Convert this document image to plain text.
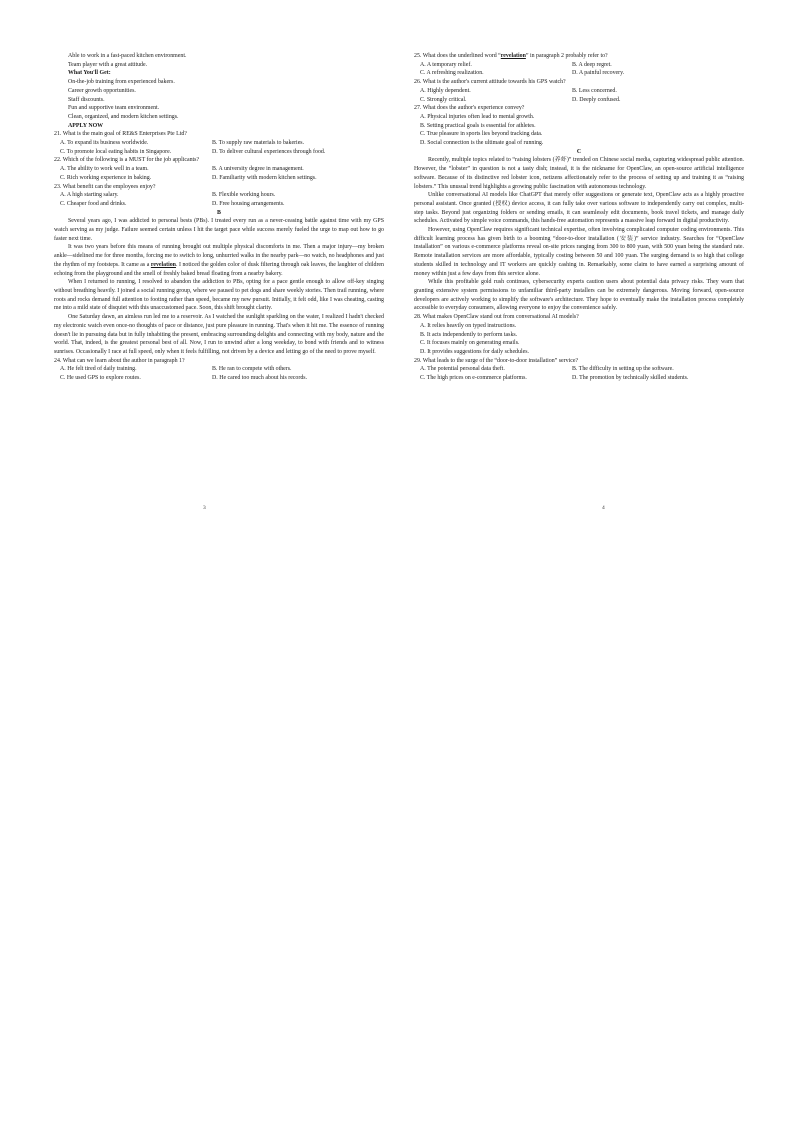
Able to work in a fast-paced kitchen environment.
Team player with a great attitude.
What You'll Get:
On-the-job training from experienced bakers.
Career growth opportunities.
Staff discounts.
Fun and supportive team environment.
Clean, organized, and modern kitchen settings.
APPLY NOW
21. What is the main goal of RE&S Enterprises Pte Ltd?
A. To expand its business worldwide.	B. To supply raw materials to bakeries.
C. To promote local eating habits in Singapore.	D. To deliver cultural experiences through food.
22. Which of the following is a MUST for the job applicants?
A. The ability to work well in a team.	B. A university degree in management.
C. Rich working experience in baking.	D. Familiarity with modern kitchen settings.
23. What benefit can the employees enjoy?
A. A high starting salary.	B. Flexible working hours.
C. Cheaper food and drinks.	D. Free housing arrangements.
B

Several years ago, I was addicted to personal bests (PBs). I treated every run as a never-ceasing battle against time with my GPS watch serving as my judge. Failure seemed certain unless I hit the target pace while success merely fueled the urge to map out how to go faster next time.

It was two years before this means of running brought out multiple physical discomforts in me. Then a major injury—my broken ankle—sidelined me for three months, forcing me to switch to long, unhurried walks in the nearby park—no watch, no headphones and just the rhythm of my footsteps. It came as a revelation. I noticed the golden color of dusk filtering through oak leaves, the laughter of children echoing from the playground and the smell of freshly baked bread floating from a nearby bakery.

When I returned to running, I resolved to abandon the addiction to PBs, opting for a pace gentle enough to allow off-key singing without breathing heavily. I joined a social running group, where we paused to pet dogs and share weekly stories. Then trail running, where roots and rocks demand full attention to footing rather than speed, became my new pursuit. Initially, it felt odd, like I was cheating, casting me into a mild state of disquiet with this unaccustomed pace. Soon, this shift brought clarity.

One Saturday dawn, an aimless run led me to a reservoir. As I watched the sunlight sparkling on the water, I realized I hadn't checked my electronic watch even once-no thoughts of pace or distance, just pure pleasure in running. That's when it hit me. The essence of running doesn't lie in pursuing data but in fully inhabiting the present, embracing surrounding delights and connecting with my body, nature and the world. That, indeed, is the greatest personal best of all. Now, I run to unwind after a long weekday, to bond with friends and to witness sunrises. Occasionally I race at full speed, only when it feels fulfilling, not driven by a device and letting go of the need to prove myself.

24. What can we learn about the author in paragraph 1?
A. He felt tired of daily training.	B. He ran to compete with others.
C. He used GPS to explore routes.	D. He cared too much about his records.
3
25. What does the underlined word “revelation” in paragraph 2 probably refer to?
A. A temporary relief.	B. A deep regret.
C. A refreshing realization.	D. A painful recovery.
26. What is the author's current attitude towards his GPS watch?
A. Highly dependent.	B. Less concerned.
C. Strongly critical.	D. Deeply confused.
27. What does the author's experience convey?
A. Physical injuries often lead to mental growth.
B. Setting practical goals is essential for athletes.
C. True pleasure in sports lies beyond tracking data.
D. Social connection is the ultimate goal of running.
C

Recently, multiple topics related to “raising lobsters (养虾)” trended on Chinese social media, capturing widespread public attention. However, the “lobster” in question is not a tasty dish; instead, it is the nickname for OpenClaw, an open-source artificial intelligence software. Because of its distinctive red lobster icon, netizens affectionately refer to the process of setting up and training it as “raising lobsters.” This unusual trend highlights a growing public fascination with autonomous technology.

Unlike conversational AI models like ChatGPT that merely offer suggestions or generate text, OpenClaw acts as a highly proactive personal assistant. Once granted (授权) device access, it can fully take over various software to independently carry out complex, multi-step tasks. Beyond just organizing folders or sending emails, it can seamlessly edit documents, book travel tickets, and manage daily schedules. Activated by simple voice commands, this hands-free automation represents a massive leap forward in digital productivity.

However, using OpenClaw requires significant technical expertise, often involving complicated computer coding environments. This difficult learning process has given birth to a booming “door-to-door installation (安装)” service industry. Searches for “OpenClaw installation” on various e-commerce platforms reveal on-site prices ranging from 300 to 800 yuan, with 500 yuan being the standard rate. Remote installation services are more affordable, typically costing between 50 and 100 yuan. The surging demand is so high that college students skilled in technology and IT workers are quickly cashing in. Remarkably, some claim to have earned a surprising amount of money within just a few days from this service alone.

While this profitable gold rush continues, cybersecurity experts caution users about potential data privacy risks. They warn that granting extensive system permissions to unfamiliar third-party installers can be extremely dangerous. Moving forward, open-source developers are actively working to simplify the software's architecture. They hope to eventually make the installation process completely accessible to everyday consumers, allowing everyone to enjoy the convenience safely.

28. What makes OpenClaw stand out from conversational AI models?
A. It relies heavily on typed instructions.
B. It acts independently to perform tasks.
C. It focuses mainly on generating emails.
D. It provides suggestions for daily schedules.
29. What leads to the surge of the “door-to-door installation” service?
A. The potential personal data theft.	B. The difficulty in setting up the software.
C. The high prices on e-commerce platforms.	D. The promotion by technically skilled students.
4
